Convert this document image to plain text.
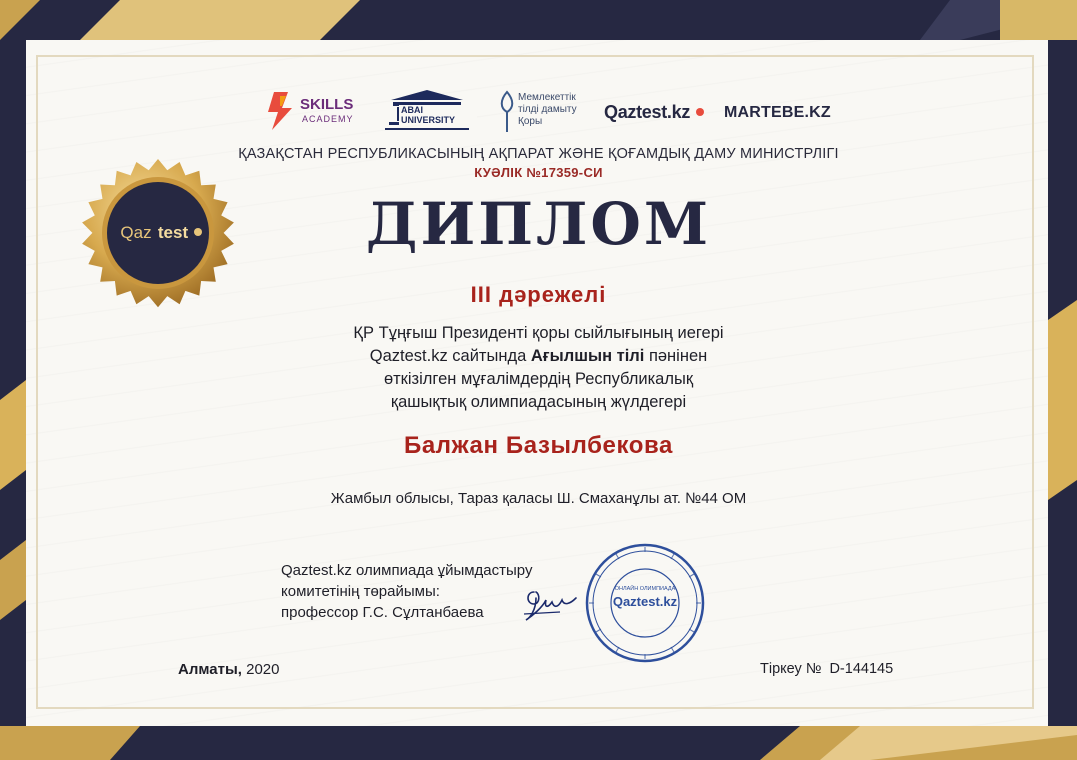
Qaz test
SKILLS
ACADEMY
ABAI UNIVERSITY
Мемлекеттік тілді дамыту Қоры	Qaztest.kz MARTEBE.KZ
ҚАЗАҚСТАН РЕСПУБЛИКАСЫНЫҢ АҚПАРАТ ЖӘНЕ ҚОҒАМДЫҚ ДАМУ МИНИСТРЛІГІ
КУӘЛІК №17359-СИ
ДИПЛОМ
III дәрежелі
ҚР Тұңғыш Президенті қоры сыйлығының иегері
Qaztest.kz сайтында Ағылшын тілі пәнінен
өткізілген мұғалімдердің Республикалық
қашықтық олимпиадасының жүлдегері
Балжан Базылбекова
Жамбыл облысы, Тараз қаласы Ш. Смаханұлы ат. №44 ОМ
Qaztest.kz олимпиада ұйымдастыру
комитетінің төрайымы:
профессор Г.С. Сұлтанбаева
ОНЛАЙН ОЛИМПИАДА
Qaztest.kz
Алматы, 2020	Тіркеу № D-144145
